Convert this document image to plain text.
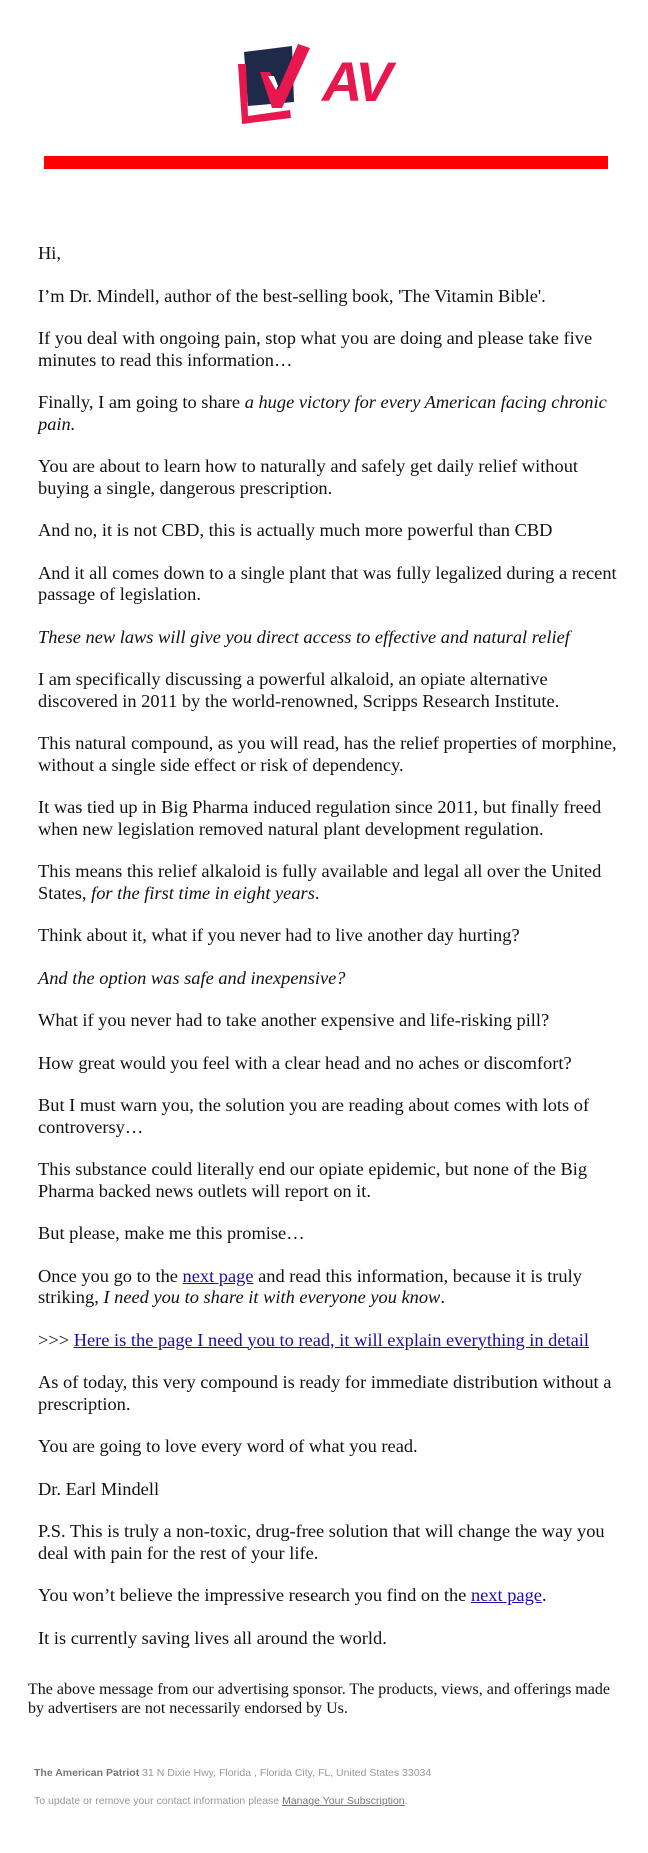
AV

Hi,

I’m Dr. Mindell, author of the best-selling book, 'The Vitamin Bible'.

If you deal with ongoing pain, stop what you are doing and please take five minutes to read this information…

Finally, I am going to share a huge victory for every American facing chronic pain.

You are about to learn how to naturally and safely get daily relief without buying a single, dangerous prescription.

And no, it is not CBD, this is actually much more powerful than CBD

And it all comes down to a single plant that was fully legalized during a recent passage of legislation.

These new laws will give you direct access to effective and natural relief

I am specifically discussing a powerful alkaloid, an opiate alternative discovered in 2011 by the world-renowned, Scripps Research Institute.

This natural compound, as you will read, has the relief properties of morphine, without a single side effect or risk of dependency.

It was tied up in Big Pharma induced regulation since 2011, but finally freed when new legislation removed natural plant development regulation.

This means this relief alkaloid is fully available and legal all over the United States, for the first time in eight years.

Think about it, what if you never had to live another day hurting?

And the option was safe and inexpensive?

What if you never had to take another expensive and life-risking pill?

How great would you feel with a clear head and no aches or discomfort?

But I must warn you, the solution you are reading about comes with lots of controversy…

This substance could literally end our opiate epidemic, but none of the Big Pharma backed news outlets will report on it.

But please, make me this promise…

Once you go to the next page and read this information, because it is truly striking, I need you to share it with everyone you know.

>>> Here is the page I need you to read, it will explain everything in detail

As of today, this very compound is ready for immediate distribution without a prescription.

You are going to love every word of what you read.

Dr. Earl Mindell

P.S. This is truly a non-toxic, drug-free solution that will change the way you deal with pain for the rest of your life.

You won’t believe the impressive research you find on the next page.

It is currently saving lives all around the world.

The above message from our advertising sponsor. The products, views, and offerings made by advertisers are not necessarily endorsed by Us.
The American Patriot 31 N Dixie Hwy, Florida , Florida City, FL, United States 33034
To update or remove your contact information please Manage Your Subscription.
